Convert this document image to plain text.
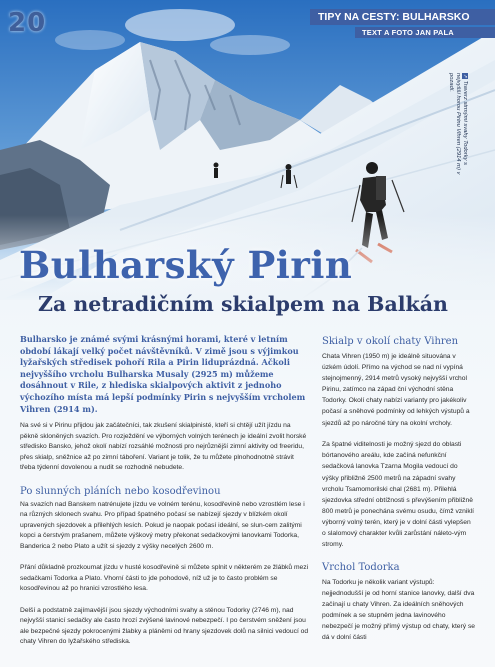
20	TIPY NA CESTY: BULHARSKO
TEXT A FOTO JAN PALA
↗ Traverz strmými svahy Todorky s nejvyšší horou Pirinu Vihren (2914 m) v pozadí.
Bulharský Pirin
Za netradičním skialpem na Balkán
Bulharsko je známé svými krásnými horami, které v letním období lákají velký počet návštěvníků. V zimě jsou s výjimkou lyžařských středisek pohoří Rila a Pirin liduprázdná. Ačkoli nejvyššího vrcholu Bulharska Musaly (2925 m) můžeme dosáhnout v Rile, z hlediska skialpových aktivit z jednoho výchozího místa má lepší podmínky Pirin s nejvyšším vrcholem Vihren (2914 m).

Na své si v Pirinu přijdou jak začátečníci, tak zkušení skialpinisté, kteří si chtějí užít jízdu na pěkně skloněných svazích. Pro rozježdění ve výborných volných terénech je ideální zvolit horské středisko Bansko, jehož okolí nabízí rozsáhlé možnosti pro nejrůznější zimní aktivity od freeridu, přes skialp, sněžnice až po zimní táboření. Variant je tolik, že tu můžete plnohodnotně strávit třeba týdenní dovolenou a nudit se rozhodně nebudete.

Po slunných pláních nebo kosodřevinou

Na svazích nad Banskem natrénujete jízdu ve volném terénu, kosodřevině nebo vzrostlém lese i na různých sklonech svahu. Pro případ špatného počasí se nabízejí sjezdy v blízkém okolí upravených sjezdovek a přilehlých lesích. Pokud je naopak počasí ideální, se slun-cem zalitými kopci a čerstvým prašanem, můžete výškový metry překonat sedačkovými lanovkami Todorka, Banderica 2 nebo Plato a užít si sjezdy z výšky necelých 2600 m.

Přání důkladně prozkoumat jízdu v husté kosodřevině si můžete splnit v některém ze žlábků mezi sedačkami Todorka a Plato. Vhorní části to jde pohodově, níž už je to často problém se kosodřevinou až po hranici vzrostlého lesa.

Delší a podstatně zajímavější jsou sjezdy východními svahy a stěnou Todorky (2746 m), nad nejvyšší stanicí sedačky ale často hrozí zvýšené lavinové nebezpečí. I po čerstvém sněžení jsou ale bezpečné sjezdy pokrocenými žlabky a pláněmi od hrany sjezdovek dolů na silnici vedoucí od chaty Vihren do lyžařského střediska.

Skialp v okolí chaty Vihren

Chata Vihren (1950 m) je ideálně situována v úzkém údolí. Přímo na východ se nad ní vypíná stejnojmenný, 2914 metrů vysoký nejvyšší vrchol Pirinu, zatímco na západ ční východní stěna Todorky. Okolí chaty nabízí varianty pro jakékoliv počasí a sněhové podmínky od lehkých výstupů a sjezdů až po náročné túry na okolní vrcholy.

Za špatné viditelnosti je možný sjezd do oblasti bórtanového areálu, kde začíná nefunkční sedačková lanovka Tzarna Mogila vedoucí do výšky přibližně 2500 metrů na západní svahy vrcholu Tsamomorilski chal (2681 m). Přilehlá sjezdovka střední obtížnosti s převýšením přibližně 800 metrů je ponechána svému osudu, čímž vzniklí výborný volný terén, který je v dolní části vylepšen o slalomový charakter kvůli zarůstání náleto-vým stromy.

Vrchol Todorka

Na Todorku je několik variant výstupů: nejjednodušší je od horní stanice lanovky, další dva začínají u chaty Vihren. Za ideálních sněhových podmínek a se stupněm jedna lavinového nebezpečí je možný přímý výstup od chaty, který se dá v dolní části
